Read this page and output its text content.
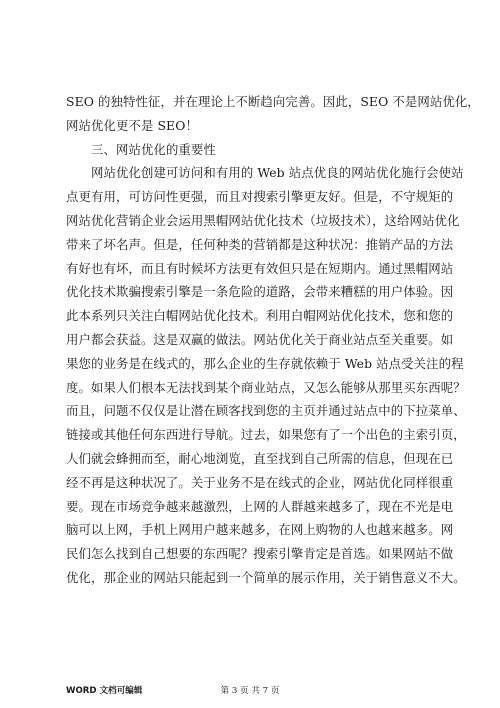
SEO 的独特性征，并在理论上不断趋向完善。因此，SEO 不是网站优化，
网站优化更不是 SEO！
三、网站优化的重要性
网站优化创建可访问和有用的 Web 站点优良的网站优化施行会使站
点更有用，可访问性更强，而且对搜索引擎更友好。但是，不守规矩的
网站优化营销企业会运用黑帽网站优化技术（垃圾技术），这给网站优化
带来了坏名声。但是，任何种类的营销都是这种状况：推销产品的方法
有好也有坏，而且有时候坏方法更有效但只是在短期内。通过黑帽网站
优化技术欺骗搜索引擎是一条危险的道路，会带来糟糕的用户体验。因
此本系列只关注白帽网站优化技术。利用白帽网站优化技术，您和您的
用户都会获益。这是双赢的做法。网站优化关于商业站点至关重要。如
果您的业务是在线式的，那么企业的生存就依赖于 Web 站点受关注的程
度。如果人们根本无法找到某个商业站点，又怎么能够从那里买东西呢？
而且，问题不仅仅是让潜在顾客找到您的主页并通过站点中的下拉菜单、
链接或其他任何东西进行导航。过去，如果您有了一个出色的主索引页，
人们就会蜂拥而至，耐心地浏览，直至找到自己所需的信息，但现在已
经不再是这种状况了。关于业务不是在线式的企业，网站优化同样很重
要。现在市场竞争越来越激烈，上网的人群越来越多了，现在不光是电
脑可以上网，手机上网用户越来越多，在网上购物的人也越来越多。网
民们怎么找到自己想要的东西呢？搜索引擎肯定是首选。如果网站不做
优化，那企业的网站只能起到一个简单的展示作用，关于销售意义不大。
WORD 文档可编辑	第 3 页 共 7 页
